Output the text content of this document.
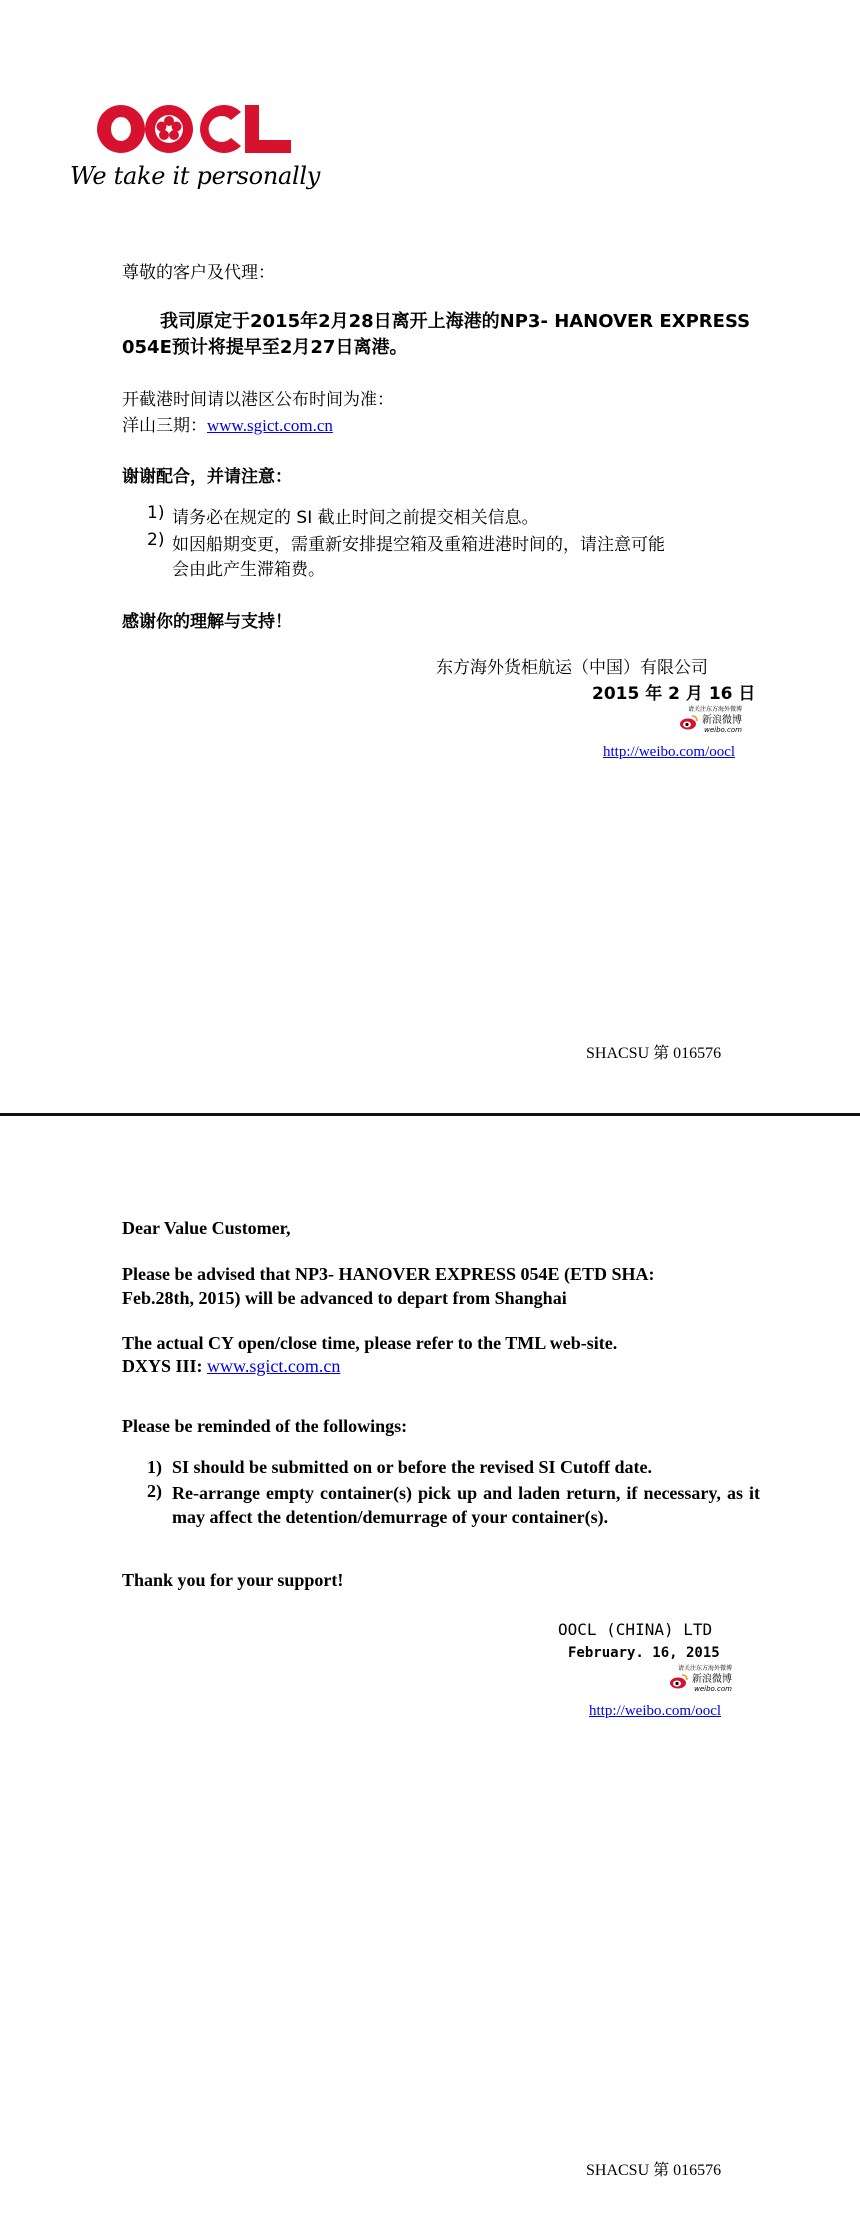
We take it personally
尊敬的客户及代理：
我司原定于2015年2月28日离开上海港的NP3- HANOVER EXPRESS
054E预计将提早至2月27日离港。
开截港时间请以港区公布时间为准：
洋山三期：www.sgict.com.cn
谢谢配合，并请注意：
1) 请务必在规定的 SI 截止时间之前提交相关信息。
2) 如因船期变更，需重新安排提空箱及重箱进港时间的，请注意可能
会由此产生滞箱费。
感谢你的理解与支持！
东方海外货柜航运（中国）有限公司
2015 年 2 月 16 日
请关注东方海外微博
新浪微博
weibo.com
http://weibo.com/oocl
SHACSU 第 016576
Dear Value Customer,
Please be advised that NP3- HANOVER EXPRESS 054E (ETD SHA:
Feb.28th, 2015) will be advanced to depart from Shanghai
The actual CY open/close time, please refer to the TML web-site.
DXYS III: www.sgict.com.cn
Please be reminded of the followings:
1) SI should be submitted on or before the revised SI Cutoff date.
2) Re-arrange empty container(s) pick up and laden return, if necessary, as it may affect the detention/demurrage of your container(s).
Thank you for your support!
OOCL (CHINA) LTD
February. 16, 2015
请关注东方海外微博
新浪微博
weibo.com
http://weibo.com/oocl
SHACSU 第 016576
